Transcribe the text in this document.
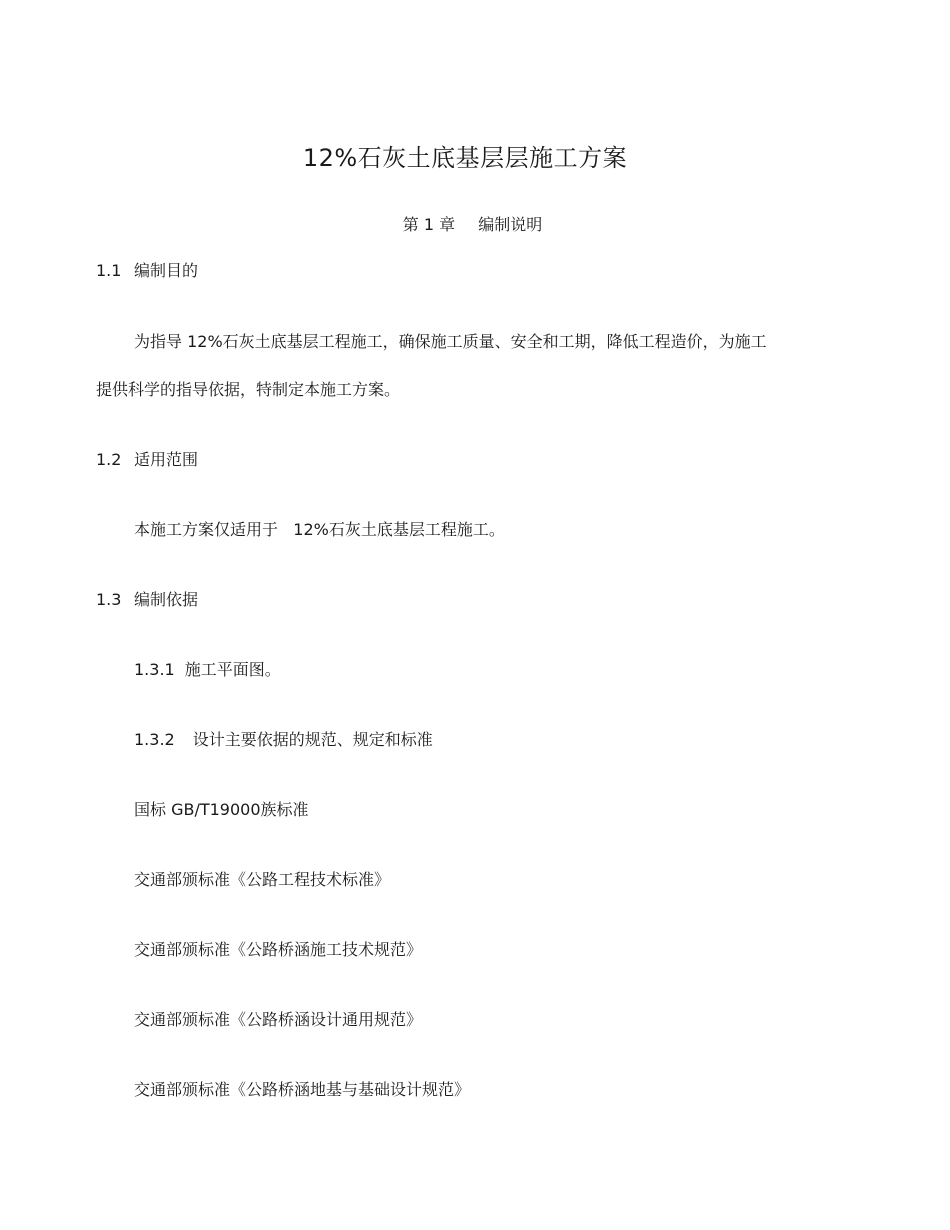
12%石灰土底基层层施工方案
第 1 章 编制说明
1.1 编制目的
为指导 12%石灰土底基层工程施工，确保施工质量、安全和工期，降低工程造价，为施工
提供科学的指导依据，特制定本施工方案。
1.2 适用范围
本施工方案仅适用于   12%石灰土底基层工程施工。
1.3 编制依据
1.3.1 施工平面图。
1.3.2 设计主要依据的规范、规定和标准
国标 GB/T19000族标准
交通部颁标准《公路工程技术标准》
交通部颁标准《公路桥涵施工技术规范》
交通部颁标准《公路桥涵设计通用规范》
交通部颁标准《公路桥涵地基与基础设计规范》
